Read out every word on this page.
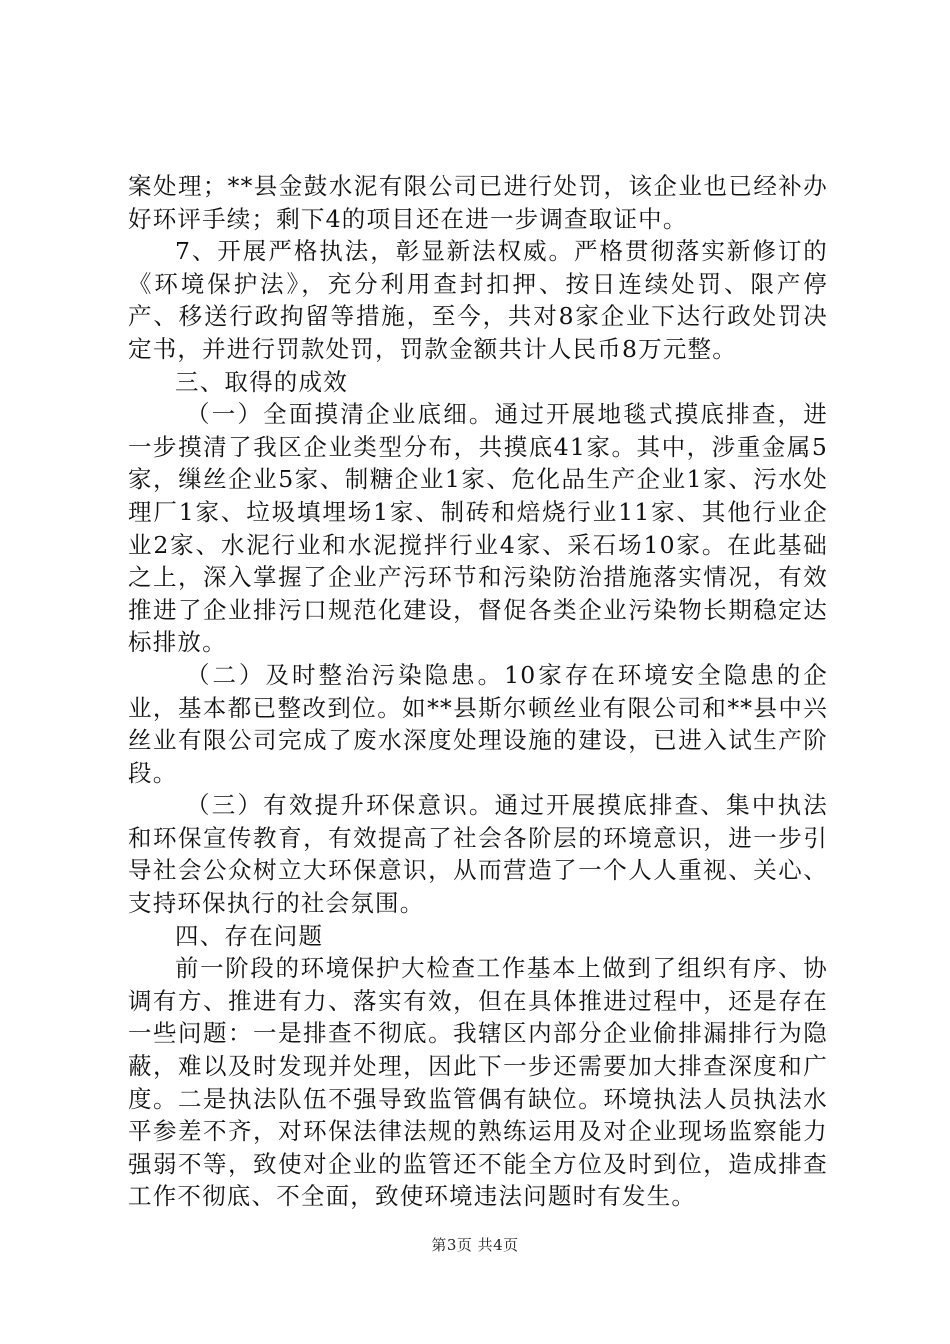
案处理；**县金鼓水泥有限公司已进行处罚，该企业也已经补办好环评手续；剩下4的项目还在进一步调查取证中。

7、开展严格执法，彰显新法权威。严格贯彻落实新修订的《环境保护法》，充分利用查封扣押、按日连续处罚、限产停产、移送行政拘留等措施，至今，共对8家企业下达行政处罚决定书，并进行罚款处罚，罚款金额共计人民币8万元整。

三、取得的成效

（一）全面摸清企业底细。通过开展地毯式摸底排查，进一步摸清了我区企业类型分布，共摸底41家。其中，涉重金属5家，缫丝企业5家、制糖企业1家、危化品生产企业1家、污水处理厂1家、垃圾填埋场1家、制砖和焙烧行业11家、其他行业企业2家、水泥行业和水泥搅拌行业4家、采石场10家。在此基础之上，深入掌握了企业产污环节和污染防治措施落实情况，有效推进了企业排污口规范化建设，督促各类企业污染物长期稳定达标排放。

（二）及时整治污染隐患。10家存在环境安全隐患的企业，基本都已整改到位。如**县斯尔顿丝业有限公司和**县中兴丝业有限公司完成了废水深度处理设施的建设，已进入试生产阶段。

（三）有效提升环保意识。通过开展摸底排查、集中执法和环保宣传教育，有效提高了社会各阶层的环境意识，进一步引导社会公众树立大环保意识，从而营造了一个人人重视、关心、支持环保执行的社会氛围。

四、存在问题

前一阶段的环境保护大检查工作基本上做到了组织有序、协调有方、推进有力、落实有效，但在具体推进过程中，还是存在一些问题：一是排查不彻底。我辖区内部分企业偷排漏排行为隐蔽，难以及时发现并处理，因此下一步还需要加大排查深度和广度。二是执法队伍不强导致监管偶有缺位。环境执法人员执法水平参差不齐，对环保法律法规的熟练运用及对企业现场监察能力强弱不等，致使对企业的监管还不能全方位及时到位，造成排查工作不彻底、不全面，致使环境违法问题时有发生。

第3页 共4页
